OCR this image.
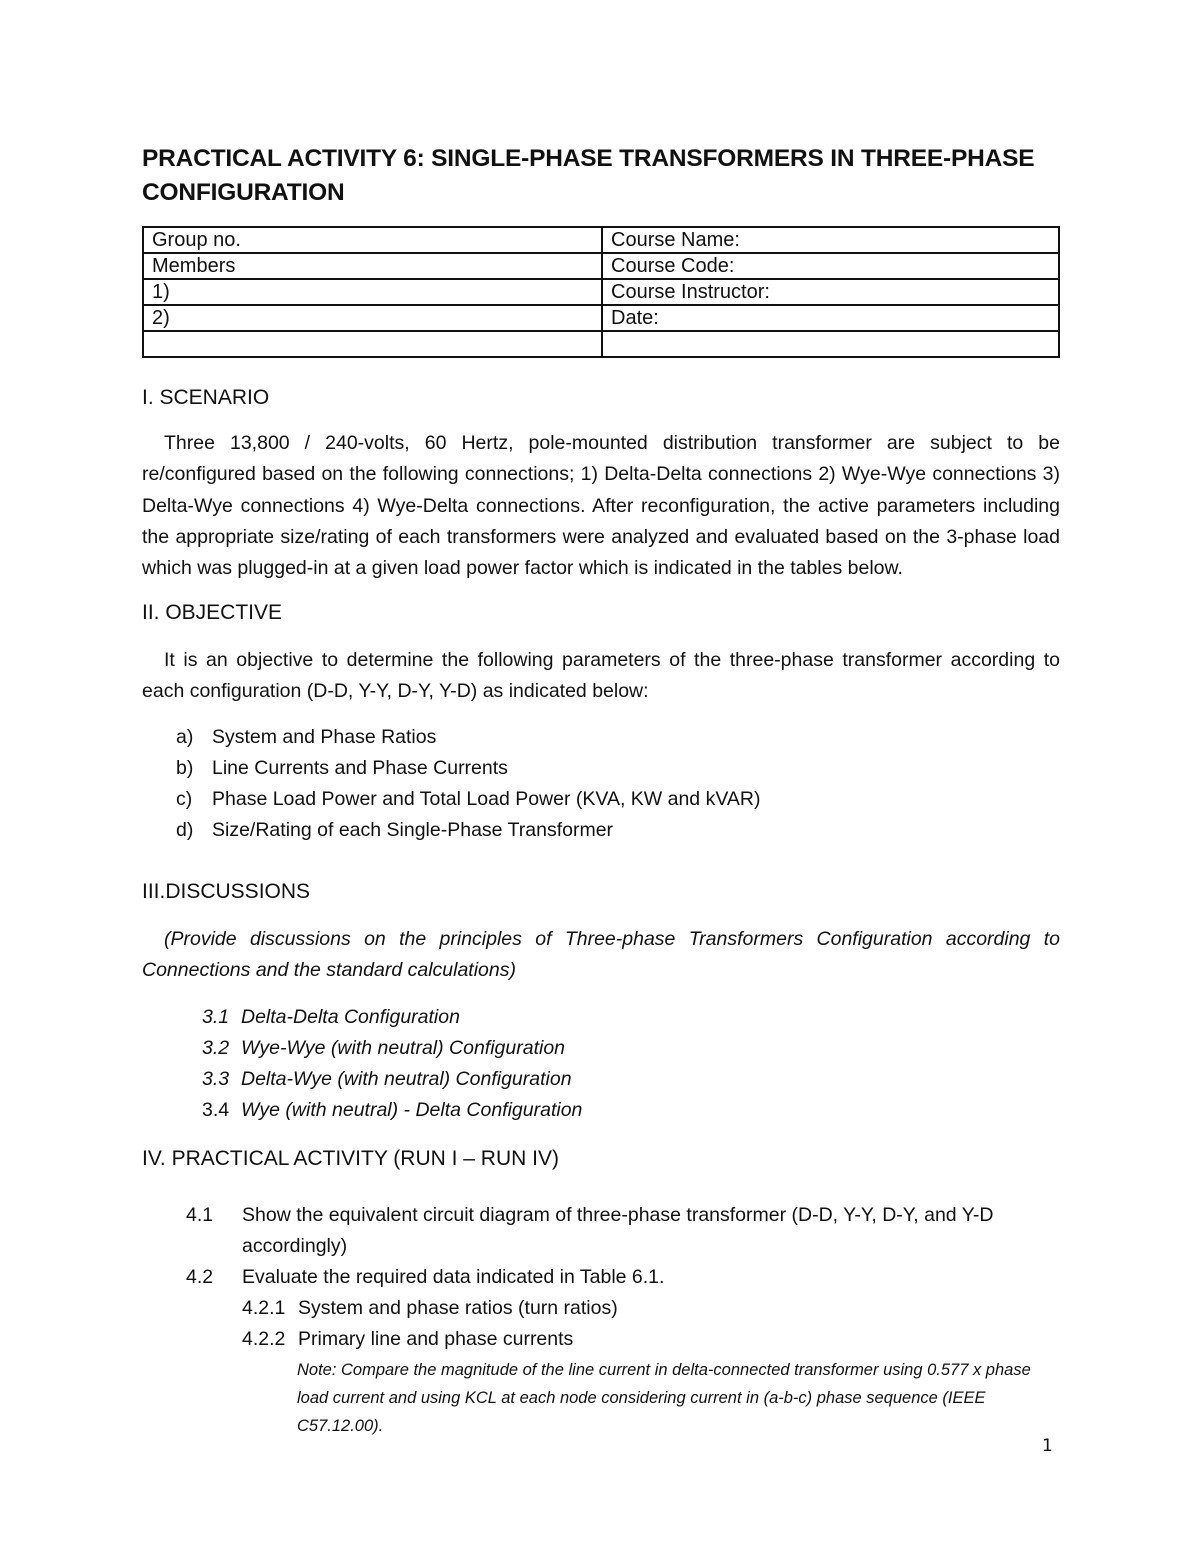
PRACTICAL ACTIVITY 6: SINGLE-PHASE TRANSFORMERS IN THREE-PHASE CONFIGURATION
Group no.	Course Name:
Members	Course Code:
1)	Course Instructor:
2)	Date:

I. SCENARIO

Three 13,800 / 240-volts, 60 Hertz, pole-mounted distribution transformer are subject to be re/configured based on the following connections; 1) Delta-Delta connections 2) Wye-Wye connections 3) Delta-Wye connections 4) Wye-Delta connections. After reconfiguration, the active parameters including the appropriate size/rating of each transformers were analyzed and evaluated based on the 3-phase load which was plugged-in at a given load power factor which is indicated in the tables below.

II. OBJECTIVE

It is an objective to determine the following parameters of the three-phase transformer according to each configuration (D-D, Y-Y, D-Y, Y-D) as indicated below:

a) System and Phase Ratios
b) Line Currents and Phase Currents
c)	Phase Load Power and Total Load Power (KVA, KW and kVAR)
d) Size/Rating of each Single-Phase Transformer
III.DISCUSSIONS

(Provide discussions on the principles of Three-phase Transformers Configuration according to Connections and the standard calculations)

3.1 Delta-Delta Configuration
3.2 Wye-Wye (with neutral) Configuration
3.3 Delta-Wye (with neutral) Configuration
3.4 Wye (with neutral) - Delta Configuration
IV. PRACTICAL ACTIVITY (RUN I – RUN IV)
4.1	Show the equivalent circuit diagram of three-phase transformer (D-D, Y-Y, D-Y, and Y-D accordingly)
4.2	Evaluate the required data indicated in Table 6.1.
4.2.1 System and phase ratios (turn ratios)
4.2.2 Primary line and phase currents

Note: Compare the magnitude of the line current in delta-connected transformer using 0.577 x phase load current and using KCL at each node considering current in (a-b-c) phase sequence (IEEE C57.12.00).

1
